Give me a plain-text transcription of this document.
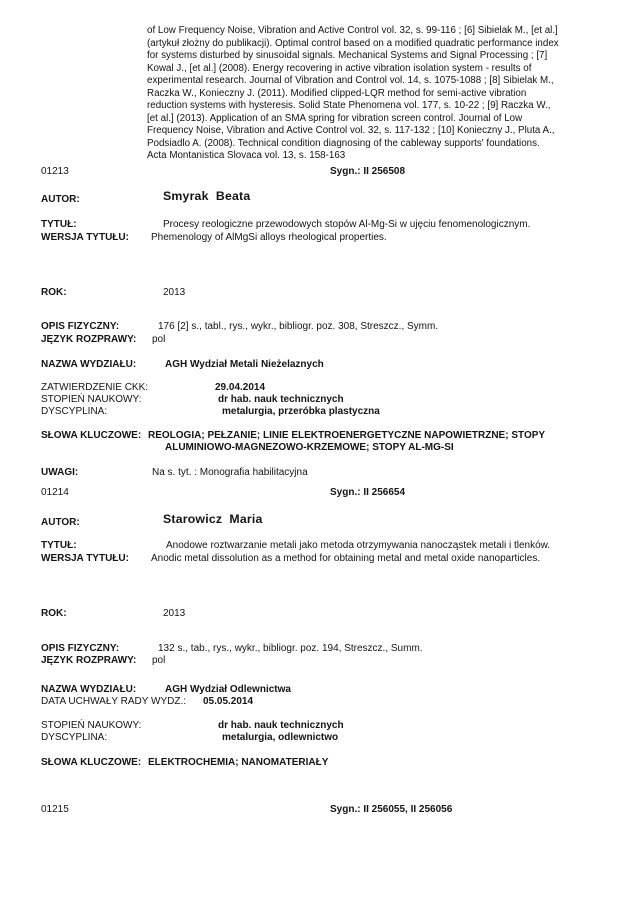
of Low Frequency Noise, Vibration and Active Control vol. 32, s. 99-116 ; [6] Sibielak M., [et al.]
(artykuł złożny do publikacji). Optimal control based on a modified quadratic performance index
for systems disturbed by sinusoidal signals. Mechanical Systems and Signal Processing ; [7]
Kowal J., [et al.] (2008). Energy recovering in active vibration isolation system - results of
experimental research. Journal of Vibration and Control vol. 14, s. 1075-1088 ; [8] Sibielak M.,
Raczka W., Konieczny J. (2011). Modified clipped-LQR method for semi-active vibration
reduction systems with hysteresis. Solid State Phenomena vol. 177, s. 10-22 ; [9] Raczka W.,
[et al.] (2013). Application of an SMA spring for vibration screen control. Journal of Low
Frequency Noise, Vibration and Active Control vol. 32, s. 117-132 ; [10] Konieczny J., Pluta A.,
Podsiadlo A. (2008). Technical condition diagnosing of the cableway supports' foundations.
Acta Montanistica Slovaca vol. 13, s. 158-163
01213	Sygn.: II 256508
AUTOR:	Smyrak  Beata
TYTUŁ:	Procesy reologiczne przewodowych stopów Al-Mg-Si w ujęciu fenomenologicznym.
WERSJA TYTUŁU: Phemenology of AlMgSi alloys rheological properties.
ROK:	2013
OPIS FIZYCZNY:	176 [2] s., tabl., rys., wykr., bibliogr. poz. 308, Streszcz., Symm.
JĘZYK ROZPRAWY: pol
NAZWA WYDZIAŁU:	AGH Wydział Metali Nieżelaznych
ZATWIERDZENIE CKK:	29.04.2014
STOPIEŃ NAUKOWY:	dr hab. nauk technicznych
DYSCYPLINA:	metalurgia, przeróbka plastyczna
SŁOWA KLUCZOWE: REOLOGIA; PEŁZANIE; LINIE ELEKTROENERGETYCZNE NAPOWIETRZNE; STOPY
ALUMINIOWO-MAGNEZOWO-KRZEMOWE; STOPY AL-MG-SI
UWAGI:	Na s. tyt. : Monografia habilitacyjna
01214	Sygn.: II 256654
AUTOR:	Starowicz  Maria
TYTUŁ:	Anodowe roztwarzanie metali jako metoda otrzymywania nanocząstek metali i tlenków.
WERSJA TYTUŁU: Anodic metal dissolution as a method for obtaining metal and metal oxide nanoparticles.
ROK:	2013
OPIS FIZYCZNY:	132 s., tab., rys., wykr., bibliogr. poz. 194, Streszcz., Summ.
JĘZYK ROZPRAWY: pol
NAZWA WYDZIAŁU:	AGH Wydział Odlewnictwa
DATA UCHWAŁY RADY WYDZ.: 05.05.2014
STOPIEŃ NAUKOWY:	dr hab. nauk technicznych
DYSCYPLINA:	metalurgia, odlewnictwo
SŁOWA KLUCZOWE: ELEKTROCHEMIA; NANOMATERIAŁY
01215	Sygn.: II 256055, II 256056
